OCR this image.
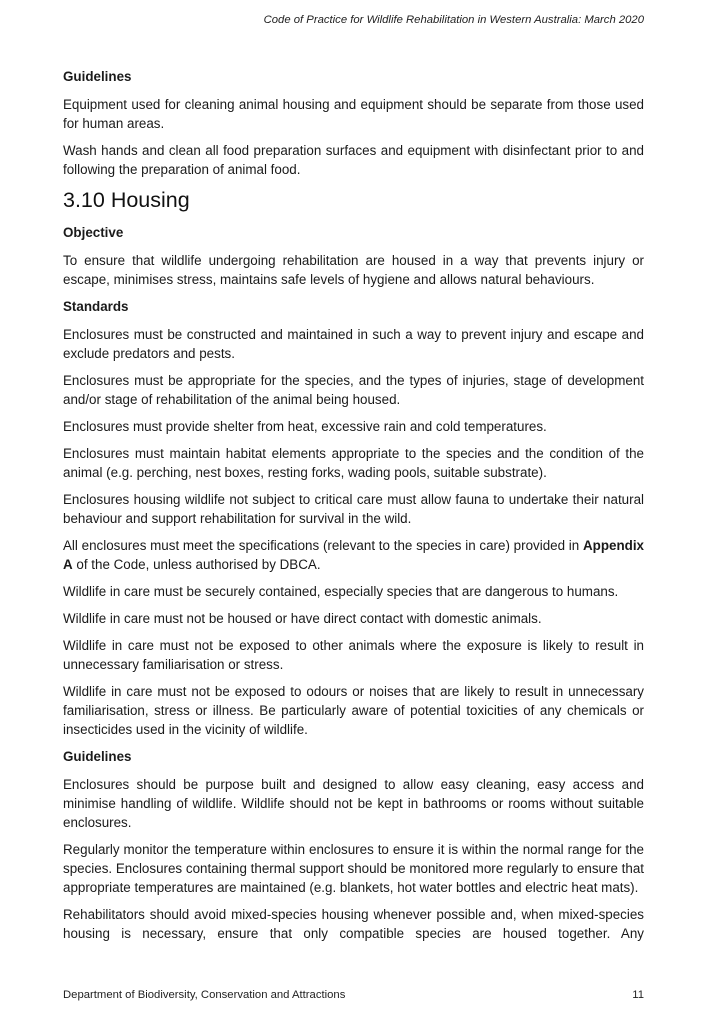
Code of Practice for Wildlife Rehabilitation in Western Australia: March 2020
Guidelines

Equipment used for cleaning animal housing and equipment should be separate from those used for human areas.

Wash hands and clean all food preparation surfaces and equipment with disinfectant prior to and following the preparation of animal food.

3.10 Housing
Objective

To ensure that wildlife undergoing rehabilitation are housed in a way that prevents injury or escape, minimises stress, maintains safe levels of hygiene and allows natural behaviours.

Standards

Enclosures must be constructed and maintained in such a way to prevent injury and escape and exclude predators and pests.

Enclosures must be appropriate for the species, and the types of injuries, stage of development and/or stage of rehabilitation of the animal being housed.

Enclosures must provide shelter from heat, excessive rain and cold temperatures.

Enclosures must maintain habitat elements appropriate to the species and the condition of the animal (e.g. perching, nest boxes, resting forks, wading pools, suitable substrate).

Enclosures housing wildlife not subject to critical care must allow fauna to undertake their natural behaviour and support rehabilitation for survival in the wild.

All enclosures must meet the specifications (relevant to the species in care) provided in Appendix A of the Code, unless authorised by DBCA.

Wildlife in care must be securely contained, especially species that are dangerous to humans.

Wildlife in care must not be housed or have direct contact with domestic animals.

Wildlife in care must not be exposed to other animals where the exposure is likely to result in unnecessary familiarisation or stress.

Wildlife in care must not be exposed to odours or noises that are likely to result in unnecessary familiarisation, stress or illness. Be particularly aware of potential toxicities of any chemicals or insecticides used in the vicinity of wildlife.

Guidelines

Enclosures should be purpose built and designed to allow easy cleaning, easy access and minimise handling of wildlife. Wildlife should not be kept in bathrooms or rooms without suitable enclosures.

Regularly monitor the temperature within enclosures to ensure it is within the normal range for the species. Enclosures containing thermal support should be monitored more regularly to ensure that appropriate temperatures are maintained (e.g. blankets, hot water bottles and electric heat mats).

Rehabilitators should avoid mixed-species housing whenever possible and, when mixed-species housing is necessary, ensure that only compatible species are housed together. Any

Department of Biodiversity, Conservation and Attractions	11
